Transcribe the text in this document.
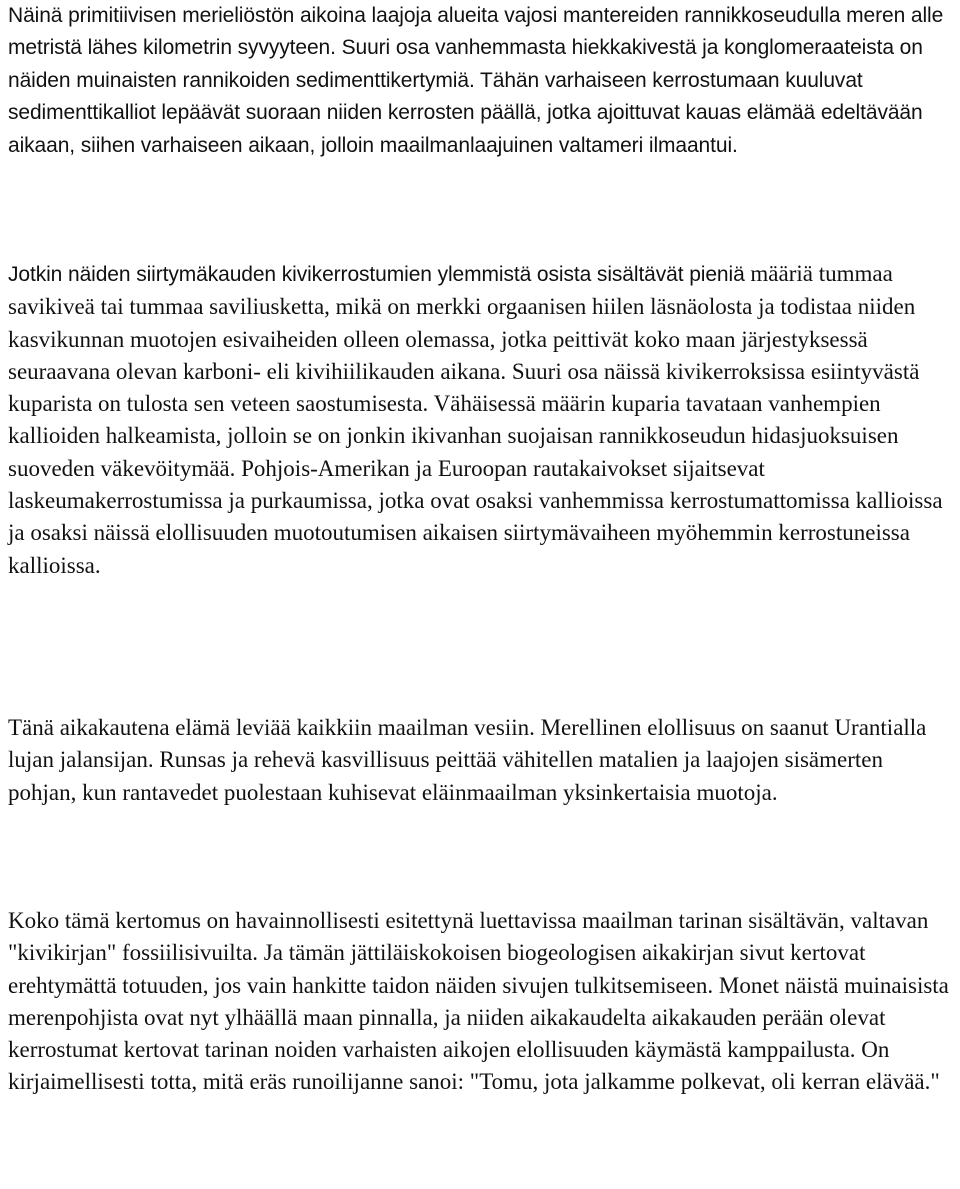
Näinä primitiivisen merieliöstön aikoina laajoja alueita vajosi mantereiden rannikkoseudulla meren alle metristä lähes kilometrin syvyyteen. Suuri osa vanhemmasta hiekkakivestä ja konglomeraateista on näiden muinaisten rannikoiden sedimenttikertymiä. Tähän varhaiseen kerrostumaan kuuluvat sedimenttikalliot lepäävät suoraan niiden kerrosten päällä, jotka ajoittuvat kauas elämää edeltävään aikaan, siihen varhaiseen aikaan, jolloin maailmanlaajuinen valtameri ilmaantui.

Jotkin näiden siirtymäkauden kivikerrostumien ylemmistä osista sisältävät pieniä määriä tummaa savikiveä tai tummaa saviliusketta, mikä on merkki orgaanisen hiilen läsnäolosta ja todistaa niiden kasvikunnan muotojen esivaiheiden olleen olemassa, jotka peittivät koko maan järjestyksessä seuraavana olevan karboni- eli kivihiilikauden aikana. Suuri osa näissä kivikerroksissa esiintyvästä kuparista on tulosta sen veteen saostumisesta. Vähäisessä määrin kuparia tavataan vanhempien kallioiden halkeamista, jolloin se on jonkin ikivanhan suojaisan rannikkoseudun hidasjuoksuisen suoveden väkevöitymää. Pohjois-Amerikan ja Euroopan rautakaivokset sijaitsevat laskeumakerrostumissa ja purkaumissa, jotka ovat osaksi vanhemmissa kerrostumattomissa kallioissa ja osaksi näissä elollisuuden muotoutumisen aikaisen siirtymävaiheen myöhemmin kerrostuneissa kallioissa.

Tänä aikakautena elämä leviää kaikkiin maailman vesiin. Merellinen elollisuus on saanut Urantialla lujan jalansijan. Runsas ja rehevä kasvillisuus peittää vähitellen matalien ja laajojen sisämerten pohjan, kun rantavedet puolestaan kuhisevat eläinmaailman yksinkertaisia muotoja.

Koko tämä kertomus on havainnollisesti esitettynä luettavissa maailman tarinan sisältävän, valtavan "kivikirjan" fossiilisivuilta. Ja tämän jättiläiskokoisen biogeologisen aikakirjan sivut kertovat erehtymättä totuuden, jos vain hankitte taidon näiden sivujen tulkitsemiseen. Monet näistä muinaisista merenpohjista ovat nyt ylhäällä maan pinnalla, ja niiden aikakaudelta aikakauden perään olevat kerrostumat kertovat tarinan noiden varhaisten aikojen elollisuuden käymästä kamppailusta. On kirjaimellisesti totta, mitä eräs runoilijanne sanoi: "Tomu, jota jalkamme polkevat, oli kerran elävää."
